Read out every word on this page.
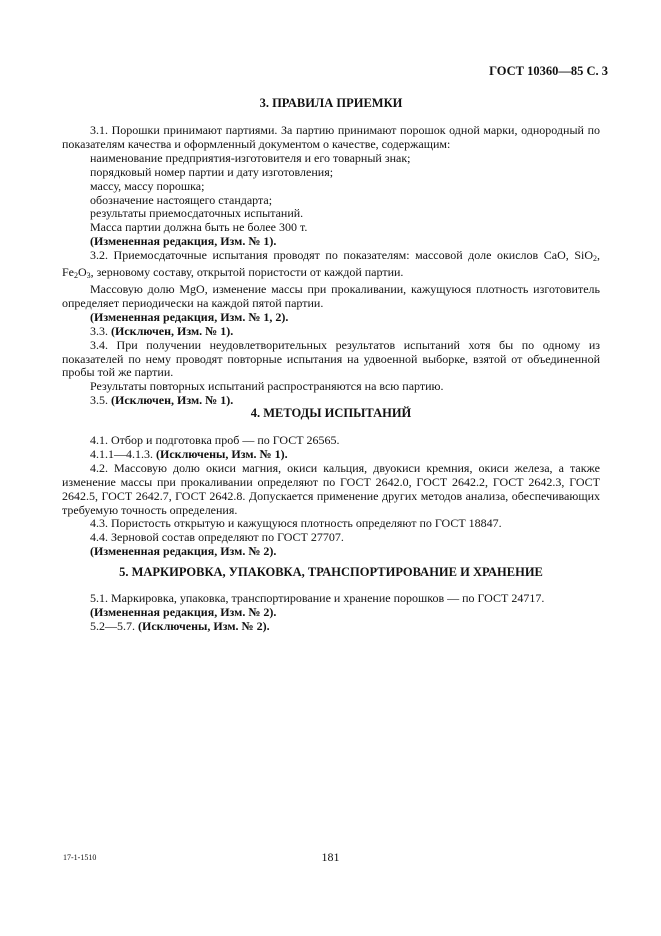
ГОСТ 10360—85 С. 3
3. ПРАВИЛА ПРИЕМКИ

3.1. Порошки принимают партиями. За партию принимают порошок одной марки, однородный по показателям качества и оформленный документом о качестве, содержащим:

наименование предприятия-изготовителя и его товарный знак;

порядковый номер партии и дату изготовления;

массу, массу порошка;

обозначение настоящего стандарта;

результаты приемосдаточных испытаний.

Масса партии должна быть не более 300 т.

(Измененная редакция, Изм. № 1).

3.2. Приемосдаточные испытания проводят по показателям: массовой доле окислов CaO, SiO$_2$, $Fe_2O_3$, зерновому составу, открытой пористости от каждой партии.

Массовую долю MgO, изменение массы при прокаливании, кажущуюся плотность изготовитель определяет периодически на каждой пятой партии.

(Измененная редакция, Изм. № 1, 2).

3.3. (Исключен, Изм. № 1).

3.4. При получении неудовлетворительных результатов испытаний хотя бы по одному из показателей по нему проводят повторные испытания на удвоенной выборке, взятой от объединенной пробы той же партии.

Результаты повторных испытаний распространяются на всю партию.

3.5. (Исключен, Изм. № 1).

4. МЕТОДЫ ИСПЫТАНИЙ

4.1. Отбор и подготовка проб — по ГОСТ 26565.

4.1.1—4.1.3. (Исключены, Изм. № 1).

4.2. Массовую долю окиси магния, окиси кальция, двуокиси кремния, окиси железа, а также изменение массы при прокаливании определяют по ГОСТ 2642.0, ГОСТ 2642.2, ГОСТ 2642.3, ГОСТ 2642.5, ГОСТ 2642.7, ГОСТ 2642.8. Допускается применение других методов анализа, обеспечивающих требуемую точность определения.

4.3. Пористость открытую и кажущуюся плотность определяют по ГОСТ 18847.

4.4. Зерновой состав определяют по ГОСТ 27707.

(Измененная редакция, Изм. № 2).

5. МАРКИРОВКА, УПАКОВКА, ТРАНСПОРТИРОВАНИЕ И ХРАНЕНИЕ

5.1. Маркировка, упаковка, транспортирование и хранение порошков — по ГОСТ 24717.

(Измененная редакция, Изм. № 2).

5.2—5.7. (Исключены, Изм. № 2).

17-1-1510	181
